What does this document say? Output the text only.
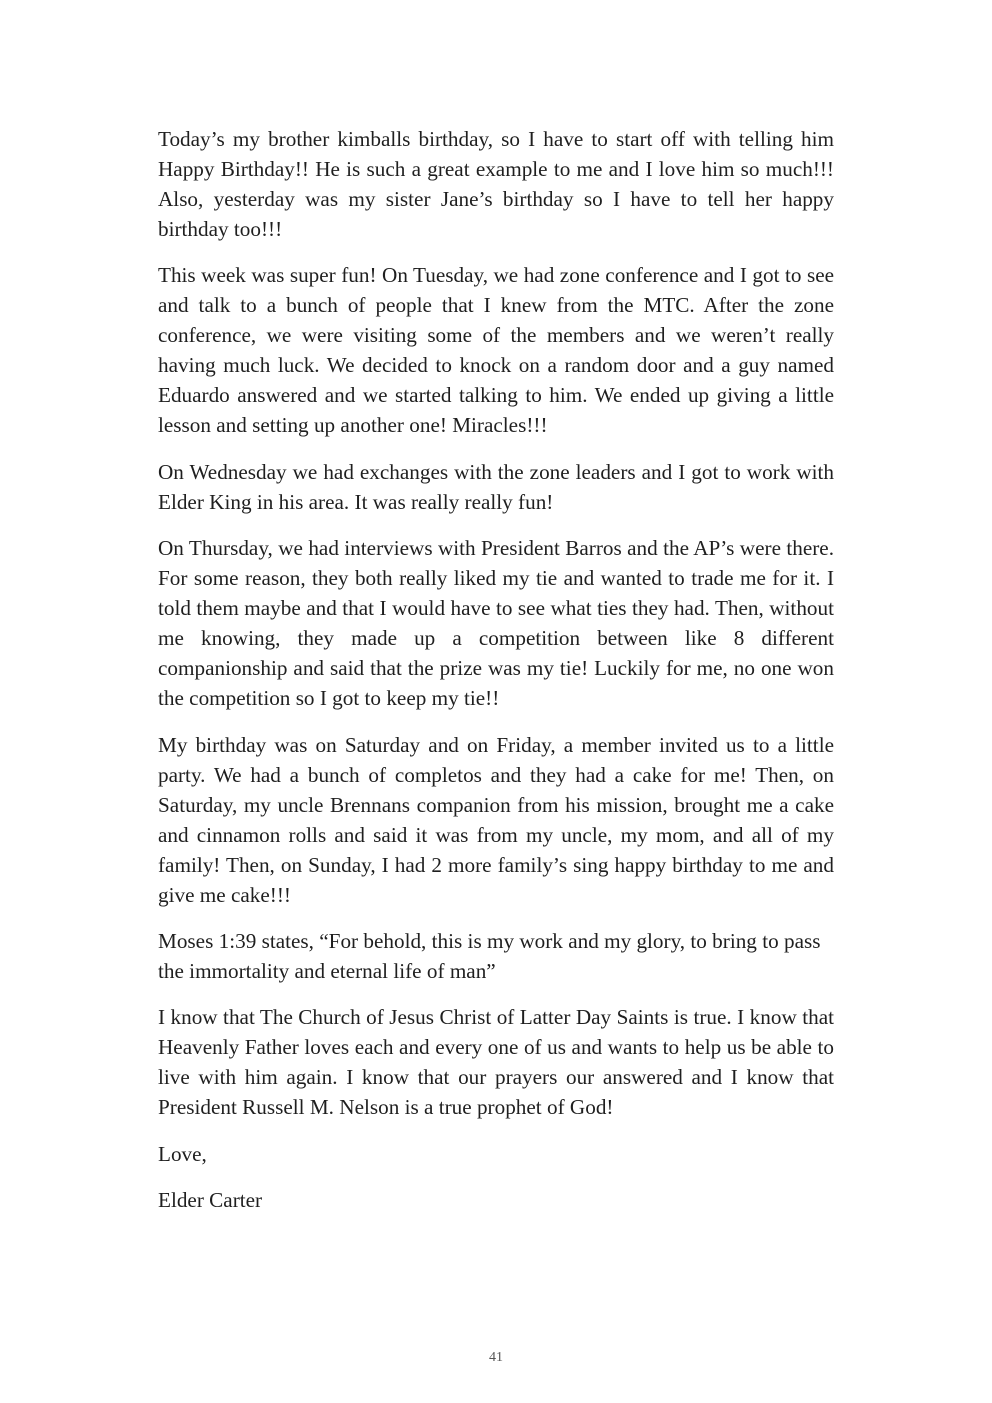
Today’s my brother kimballs birthday, so I have to start off with telling him Happy Birthday!! He is such a great example to me and I love him so much!!! Also, yesterday was my sister Jane’s birthday so I have to tell her happy birthday too!!!

This week was super fun! On Tuesday, we had zone conference and I got to see and talk to a bunch of people that I knew from the MTC. After the zone conference, we were visiting some of the members and we weren’t really having much luck. We decided to knock on a random door and a guy named Eduardo answered and we started talking to him. We ended up giving a little lesson and setting up another one! Miracles!!!

On Wednesday we had exchanges with the zone leaders and I got to work with Elder King in his area. It was really really fun!

On Thursday, we had interviews with President Barros and the AP’s were there. For some reason, they both really liked my tie and wanted to trade me for it. I told them maybe and that I would have to see what ties they had. Then, without me knowing, they made up a competition between like 8 different companionship and said that the prize was my tie! Luckily for me, no one won the competition so I got to keep my tie!!

My birthday was on Saturday and on Friday, a member invited us to a little party. We had a bunch of completos and they had a cake for me! Then, on Saturday, my uncle Brennans companion from his mission, brought me a cake and cinnamon rolls and said it was from my uncle, my mom, and all of my family! Then, on Sunday, I had 2 more family’s sing happy birthday to me and give me cake!!!

Moses 1:39 states, “For behold, this is my work and my glory, to bring to pass the immortality and eternal life of man”

I know that The Church of Jesus Christ of Latter Day Saints is true. I know that Heavenly Father loves each and every one of us and wants to help us be able to live with him again. I know that our prayers our answered and I know that President Russell M. Nelson is a true prophet of God!

Love,

Elder Carter

41
